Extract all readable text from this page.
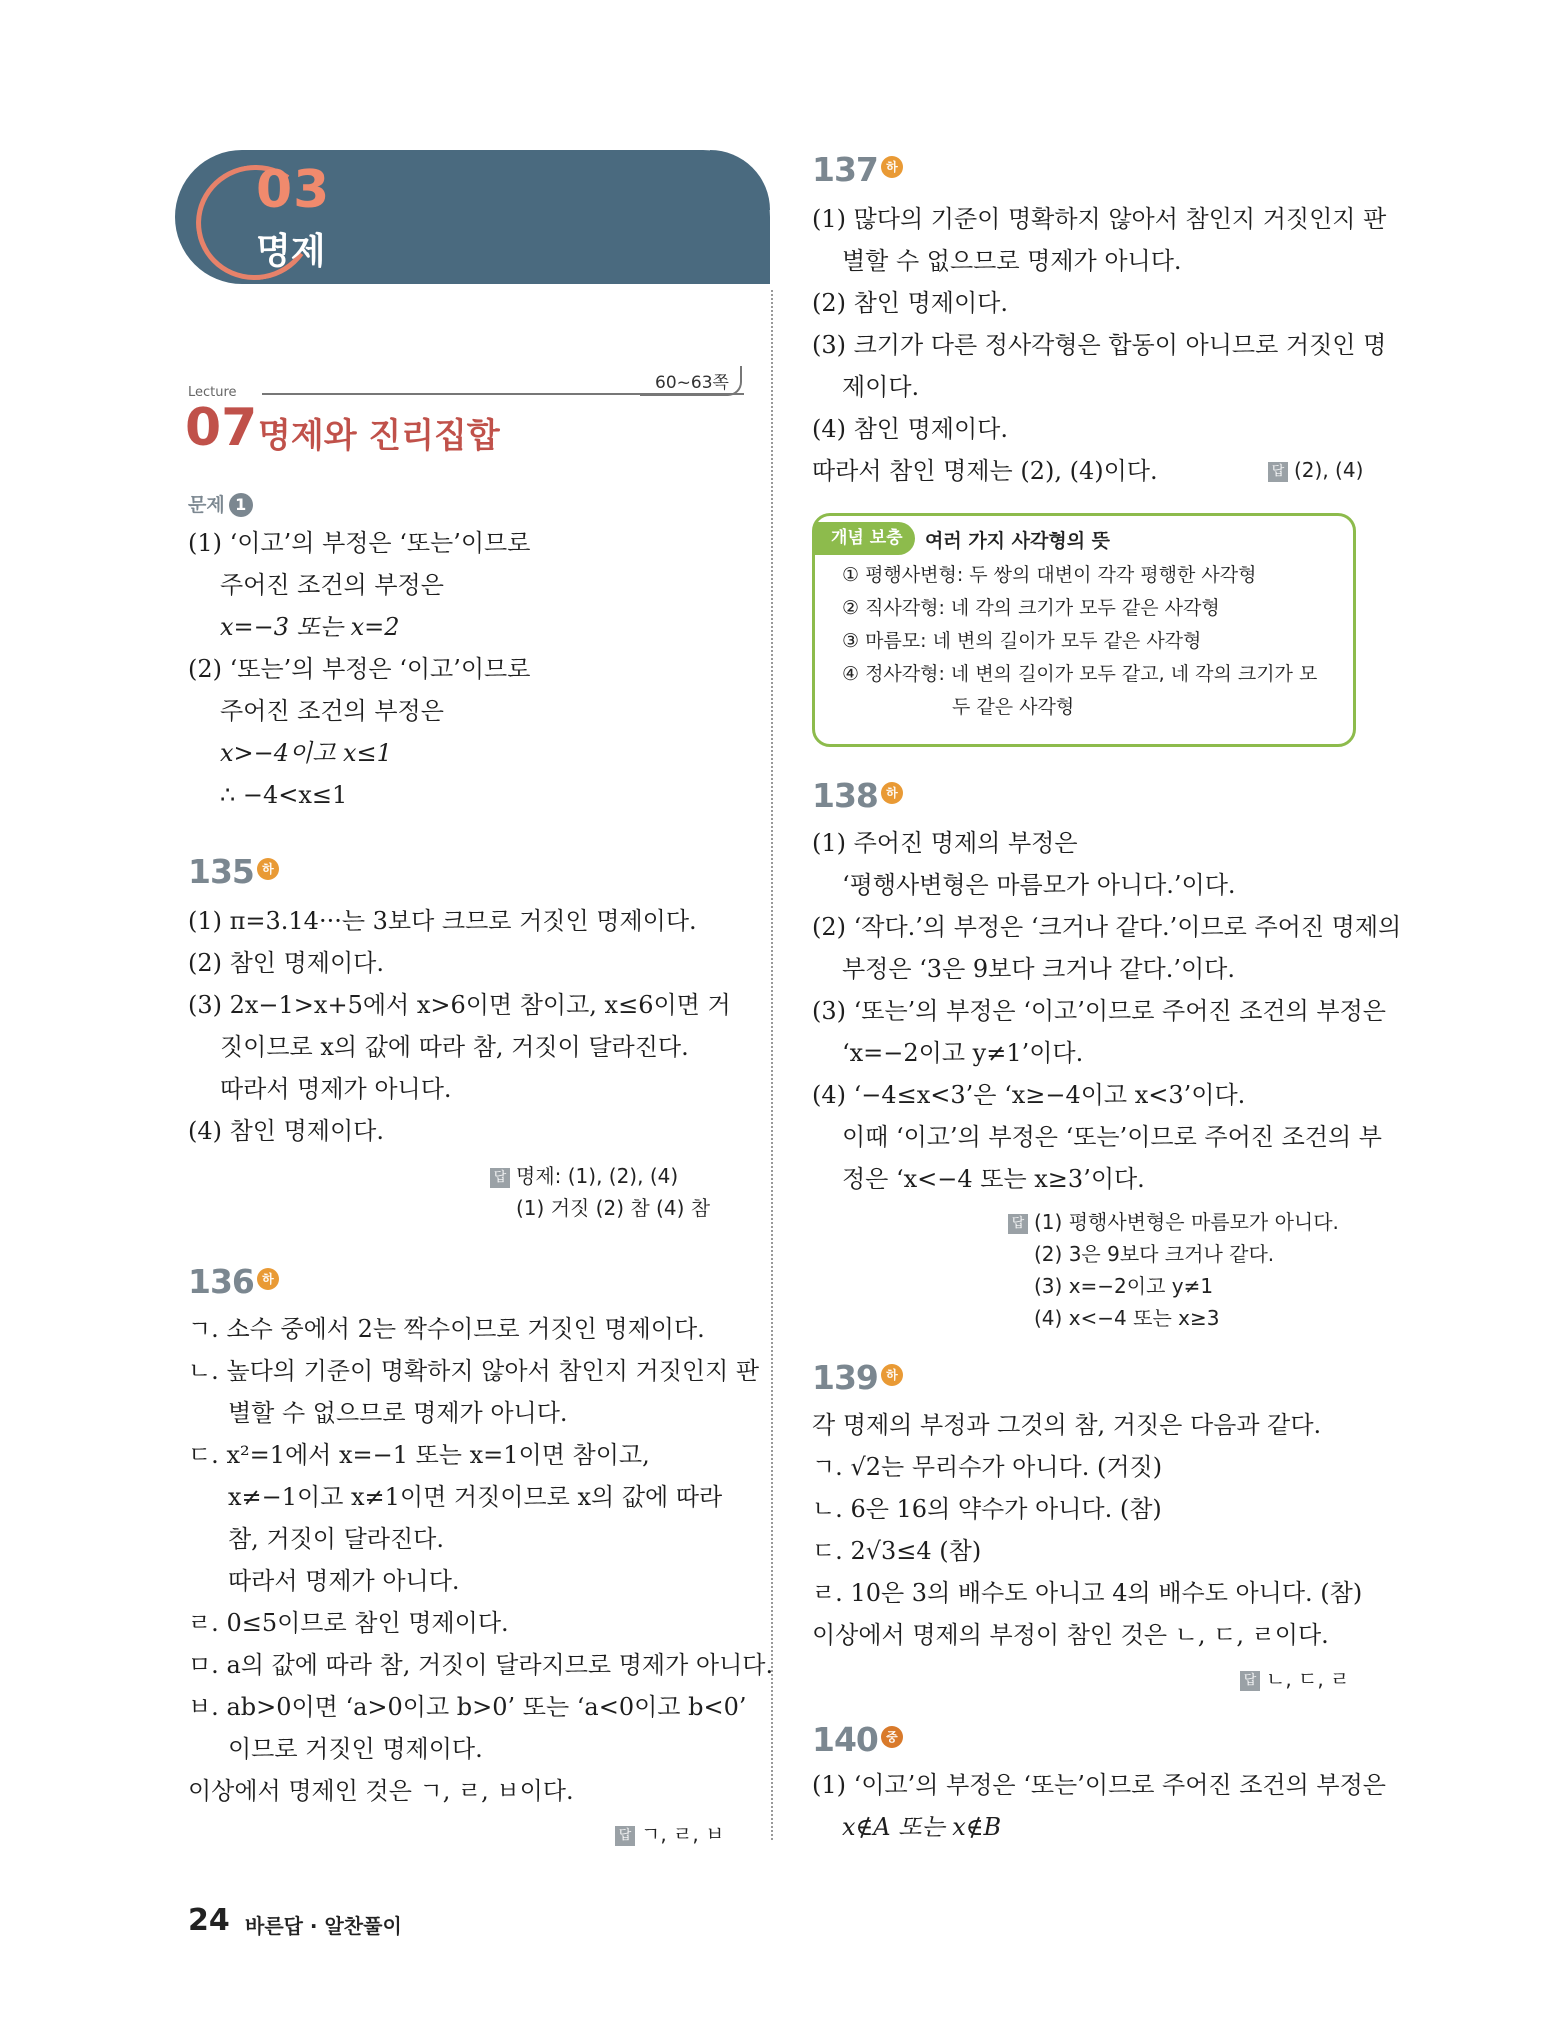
03
명제
60~63쪽
Lecture
07 명제와 진리집합
문제 1
(1) ‘이고’의 부정은 ‘또는’이므로
주어진 조건의 부정은
x=−3 또는 x=2
(2) ‘또는’의 부정은 ‘이고’이므로
주어진 조건의 부정은
x>−4이고 x≤1
∴ −4<x≤1
135 하
(1) π=3.14···는 3보다 크므로 거짓인 명제이다.
(2) 참인 명제이다.
(3) 2x−1>x+5에서 x>6이면 참이고, x≤6이면 거
짓이므로 x의 값에 따라 참, 거짓이 달라진다.
따라서 명제가 아니다.
(4) 참인 명제이다.
답 명제: (1), (2), (4)
(1) 거짓 (2) 참 (4) 참
136 하
ㄱ. 소수 중에서 2는 짝수이므로 거짓인 명제이다.
ㄴ. 높다의 기준이 명확하지 않아서 참인지 거짓인지 판
별할 수 없으므로 명제가 아니다.
ㄷ. x²=1에서 x=−1 또는 x=1이면 참이고,
x≠−1이고 x≠1이면 거짓이므로 x의 값에 따라
참, 거짓이 달라진다.
따라서 명제가 아니다.
ㄹ. 0≤5이므로 참인 명제이다.
ㅁ. a의 값에 따라 참, 거짓이 달라지므로 명제가 아니다.
ㅂ. ab>0이면 ‘a>0이고 b>0’ 또는 ‘a<0이고 b<0’
이므로 거짓인 명제이다.
이상에서 명제인 것은 ㄱ, ㄹ, ㅂ이다.
답 ㄱ, ㄹ, ㅂ
137 하
(1) 많다의 기준이 명확하지 않아서 참인지 거짓인지 판
별할 수 없으므로 명제가 아니다.
(2) 참인 명제이다.
(3) 크기가 다른 정사각형은 합동이 아니므로 거짓인 명
제이다.
(4) 참인 명제이다.
따라서 참인 명제는 (2), (4)이다.	답 (2), (4)
개념 보충	여러 가지 사각형의 뜻
① 평행사변형: 두 쌍의 대변이 각각 평행한 사각형
② 직사각형: 네 각의 크기가 모두 같은 사각형
③ 마름모: 네 변의 길이가 모두 같은 사각형
④ 정사각형: 네 변의 길이가 모두 같고, 네 각의 크기가 모
두 같은 사각형
138 하
(1) 주어진 명제의 부정은
‘평행사변형은 마름모가 아니다.’이다.
(2) ‘작다.’의 부정은 ‘크거나 같다.’이므로 주어진 명제의
부정은 ‘3은 9보다 크거나 같다.’이다.
(3) ‘또는’의 부정은 ‘이고’이므로 주어진 조건의 부정은
‘x=−2이고 y≠1’이다.
(4) ‘−4≤x<3’은 ‘x≥−4이고 x<3’이다.
이때 ‘이고’의 부정은 ‘또는’이므로 주어진 조건의 부
정은 ‘x<−4 또는 x≥3’이다.
답 (1) 평행사변형은 마름모가 아니다.
(2) 3은 9보다 크거나 같다.
(3) x=−2이고 y≠1
(4) x<−4 또는 x≥3
139 하
각 명제의 부정과 그것의 참, 거짓은 다음과 같다.
ㄱ. √2는 무리수가 아니다. (거짓)
ㄴ. 6은 16의 약수가 아니다. (참)
ㄷ. 2√3≤4 (참)
ㄹ. 10은 3의 배수도 아니고 4의 배수도 아니다. (참)
이상에서 명제의 부정이 참인 것은 ㄴ, ㄷ, ㄹ이다.
답 ㄴ, ㄷ, ㄹ
140 중
(1) ‘이고’의 부정은 ‘또는’이므로 주어진 조건의 부정은
x∉A 또는 x∉B
24 바른답 · 알찬풀이
